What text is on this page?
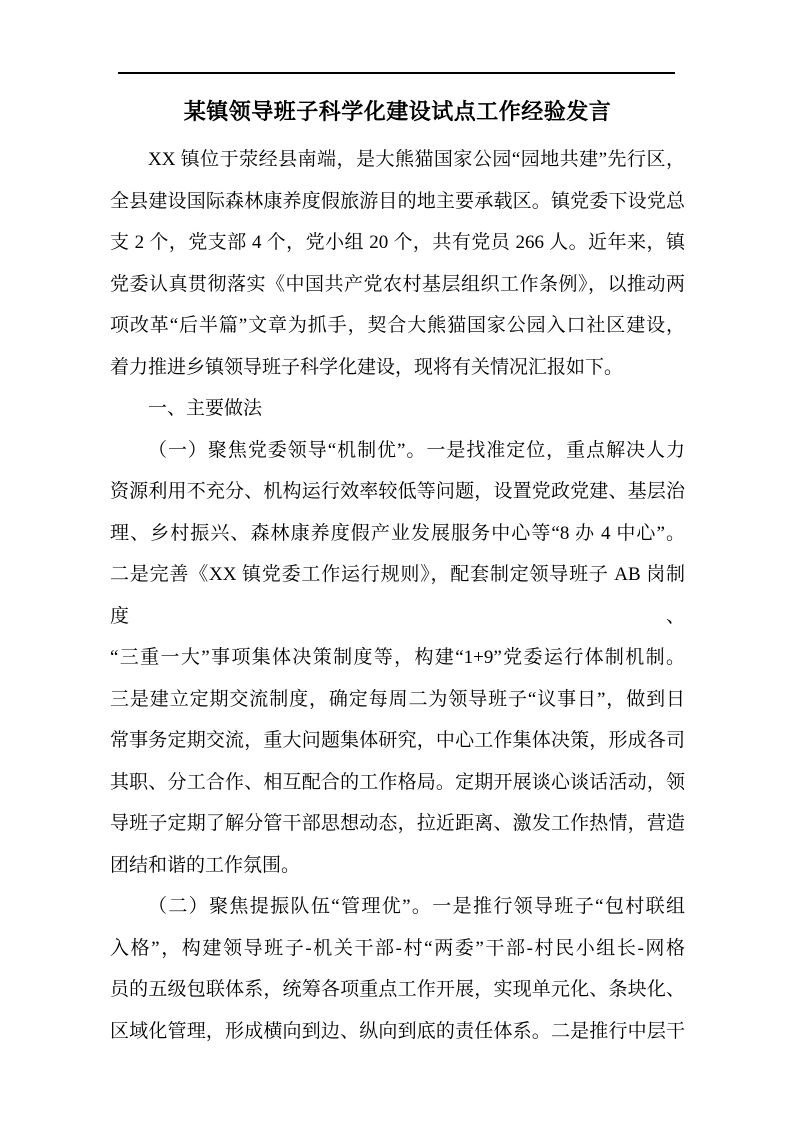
某镇领导班子科学化建设试点工作经验发言
XX 镇位于荥经县南端，是大熊猫国家公园“园地共建”先行区，
全县建设国际森林康养度假旅游目的地主要承载区。镇党委下设党总
支 2 个，党支部 4 个，党小组 20 个，共有党员 266 人。近年来，镇
党委认真贯彻落实《中国共产党农村基层组织工作条例》，以推动两
项改革“后半篇”文章为抓手，契合大熊猫国家公园入口社区建设，
着力推进乡镇领导班子科学化建设，现将有关情况汇报如下。
一、主要做法
（一）聚焦党委领导“机制优”。一是找准定位，重点解决人力
资源利用不充分、机构运行效率较低等问题，设置党政党建、基层治
理、乡村振兴、森林康养度假产业发展服务中心等“8 办 4 中心”。
二是完善《XX 镇党委工作运行规则》，配套制定领导班子 AB 岗制度、
“三重一大”事项集体决策制度等，构建“1+9”党委运行体制机制。
三是建立定期交流制度，确定每周二为领导班子“议事日”，做到日
常事务定期交流，重大问题集体研究，中心工作集体决策，形成各司
其职、分工合作、相互配合的工作格局。定期开展谈心谈话活动，领
导班子定期了解分管干部思想动态，拉近距离、激发工作热情，营造
团结和谐的工作氛围。
（二）聚焦提振队伍“管理优”。一是推行领导班子“包村联组
入格”，构建领导班子-机关干部-村“两委”干部-村民小组长-网格
员的五级包联体系，统筹各项重点工作开展，实现单元化、条块化、
区域化管理，形成横向到边、纵向到底的责任体系。二是推行中层干
